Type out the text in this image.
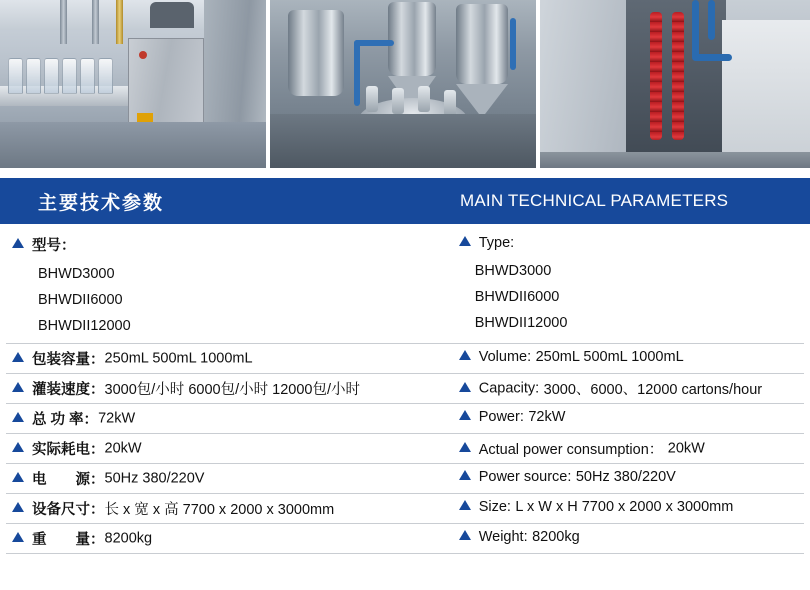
主要技术参数	MAIN TECHNICAL PARAMETERS
型号：
BHWD3000
BHWDII6000
BHWDII12000
Type:
BHWD3000
BHWDII6000
BHWDII12000
包装容量：250mL 500mL 1000mL	Volume: 250mL 500mL 1000mL
灌装速度：3000包/小时 6000包/小时 12000包/小时	Capacity: 3000、6000、12000 cartons/hour
总 功 率：72kW	Power: 72kW
实际耗电：20kW	Actual power consumption： 20kW
电　　源：50Hz 380/220V	Power source: 50Hz 380/220V
设备尺寸：长 x 宽 x 高 7700 x 2000 x 3000mm	Size: L x W x H 7700 x 2000 x 3000mm
重　　量：8200kg	Weight: 8200kg
